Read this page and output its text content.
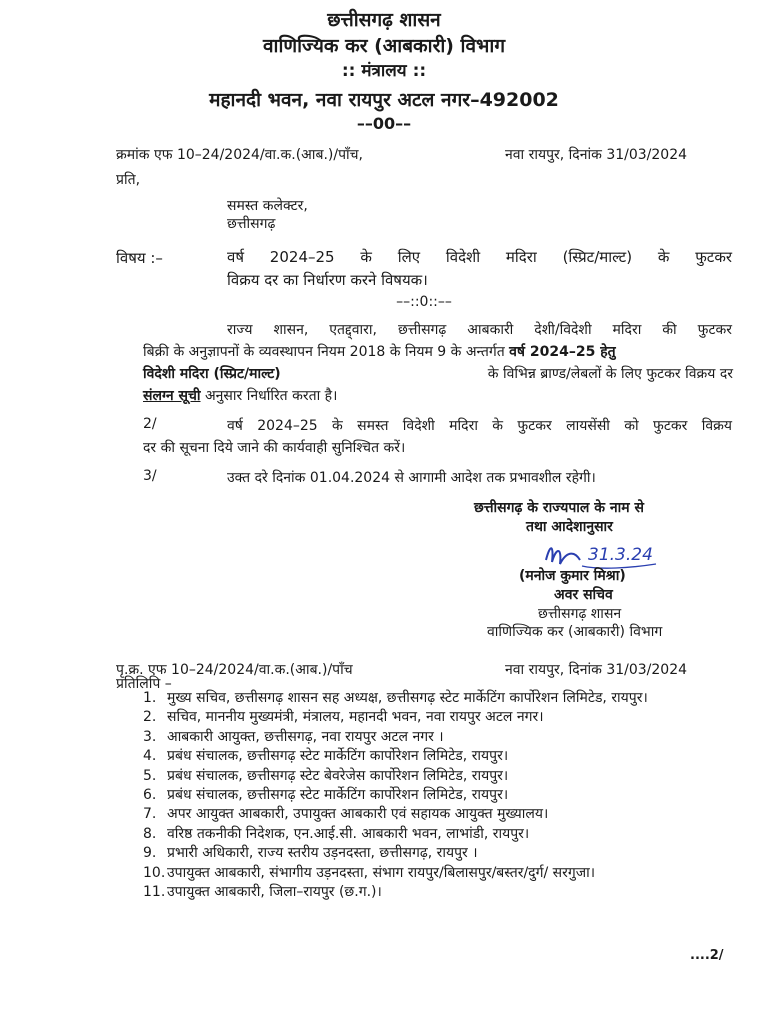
छत्तीसगढ़ शासन
वाणिज्यिक कर (आबकारी) विभाग
:: मंत्रालय ::
महानदी भवन, नवा रायपुर अटल नगर–492002
––00––
क्रमांक एफ 10–24/2024/वा.क.(आब.)/पाँच,	नवा रायपुर, दिनांक 31/03/2024
प्रति,
समस्त कलेक्टर,
छत्तीसगढ़
विषय :–	वर्ष 2024–25 के लिए विदेशी मदिरा (स्प्रिट/माल्ट) के फुटकर
विक्रय दर का निर्धारण करने विषयक।
––::0::––
राज्य शासन, एतद्द्वारा, छत्तीसगढ़ आबकारी देशी/विदेशी मदिरा की फुटकर
बिक्री के अनुज्ञापनों के व्यवस्थापन नियम 2018 के नियम 9 के अन्तर्गत वर्ष 2024–25 हेतु
विदेशी मदिरा (स्प्रिट/माल्ट)	के विभिन्न ब्राण्ड/लेबलों के लिए फुटकर विक्रय दर
संलग्न सूची अनुसार निर्धारित करता है।
2/	वर्ष 2024–25 के समस्त विदेशी मदिरा के फुटकर लायसेंसी को फुटकर विक्रय
दर की सूचना दिये जाने की कार्यवाही सुनिश्चित करें।
3/	उक्त दरे दिनांक 01.04.2024 से आगामी आदेश तक प्रभावशील रहेगी।
छत्तीसगढ़ के राज्यपाल के नाम से
तथा आदेशानुसार
31.3.24
(मनोज कुमार मिश्रा)
अवर सचिव
छत्तीसगढ़ शासन
वाणिज्यिक कर (आबकारी) विभाग
पृ.क्र. एफ 10–24/2024/वा.क.(आब.)/पाँच	नवा रायपुर, दिनांक 31/03/2024
प्रतिलिपि –
1. मुख्य सचिव, छत्तीसगढ़ शासन सह अध्यक्ष, छत्तीसगढ़ स्टेट मार्केटिंग कार्पोरेशन लिमिटेड, रायपुर।
2. सचिव, माननीय मुख्यमंत्री, मंत्रालय, महानदी भवन, नवा रायपुर अटल नगर।
3. आबकारी आयुक्त, छत्तीसगढ़, नवा रायपुर अटल नगर ।
4. प्रबंध संचालक, छत्तीसगढ़ स्टेट मार्केटिंग कार्पोरेशन लिमिटेड, रायपुर।
5. प्रबंध संचालक, छत्तीसगढ़ स्टेट बेवरेजेस कार्पोरेशन लिमिटेड, रायपुर।
6. प्रबंध संचालक, छत्तीसगढ़ स्टेट मार्केटिंग कार्पोरेशन लिमिटेड, रायपुर।
7. अपर आयुक्त आबकारी, उपायुक्त आबकारी एवं सहायक आयुक्त मुख्यालय।
8. वरिष्ठ तकनीकी निदेशक, एन.आई.सी. आबकारी भवन, लाभांडी, रायपुर।
9. प्रभारी अधिकारी, राज्य स्तरीय उड़नदस्ता, छत्तीसगढ़, रायपुर ।
10. उपायुक्त आबकारी, संभागीय उड़नदस्ता, संभाग रायपुर/बिलासपुर/बस्तर/दुर्ग/ सरगुजा।
11. उपायुक्त आबकारी, जिला–रायपुर (छ.ग.)।
....2/
